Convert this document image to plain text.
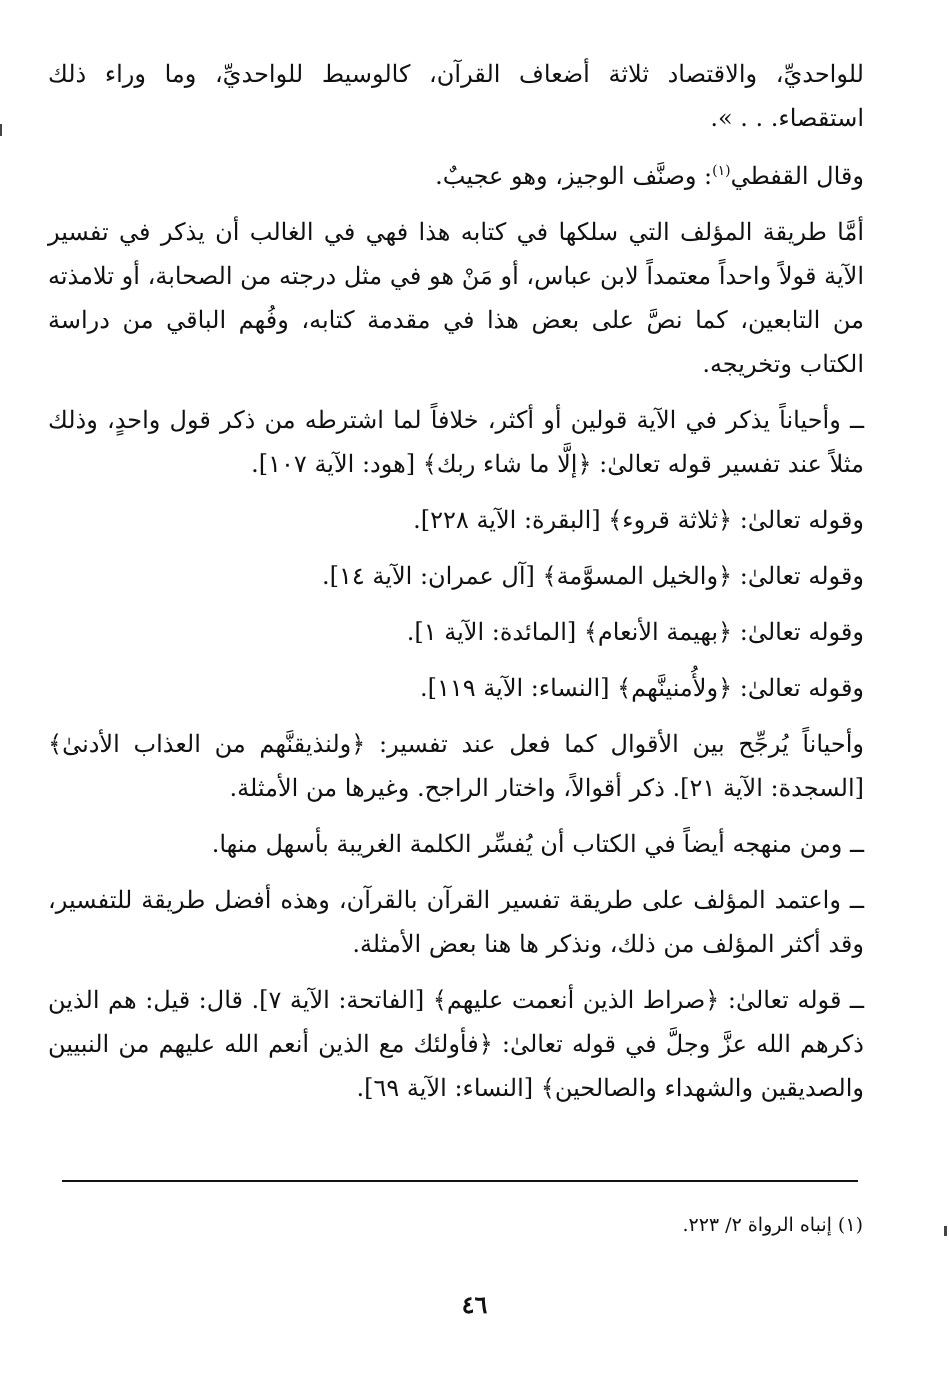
للواحديِّ، والاقتصاد ثلاثة أضعاف القرآن، كالوسيط للواحديِّ، وما وراء ذلك استقصاء. . . ».

وقال القفطي$^{(١)}$: وصنَّف الوجيز، وهو عجيبٌ.

أمَّا طريقة المؤلف التي سلكها في كتابه هذا فهي في الغالب أن يذكر في تفسير الآية قولاً واحداً معتمداً لابن عباس، أو مَنْ هو في مثل درجته من الصحابة، أو تلامذته من التابعين، كما نصَّ على بعض هذا في مقدمة كتابه، وفُهم الباقي من دراسة الكتاب وتخريجه.

ــ وأحياناً يذكر في الآية قولين أو أكثر، خلافاً لما اشترطه من ذكر قول واحدٍ، وذلك مثلاً عند تفسير قوله تعالىٰ: ﴿إلَّا ما شاء ربك﴾ [هود: الآية ١٠٧].

وقوله تعالىٰ: ﴿ثلاثة قروء﴾ [البقرة: الآية ٢٢٨].

وقوله تعالىٰ: ﴿والخيل المسوَّمة﴾ [آل عمران: الآية ١٤].

وقوله تعالىٰ: ﴿بهيمة الأنعام﴾ [المائدة: الآية ١].

وقوله تعالىٰ: ﴿ولأُمنينَّهم﴾ [النساء: الآية ١١٩].

وأحياناً يُرجِّح بين الأقوال كما فعل عند تفسير: ﴿ولنذيقنَّهم من العذاب الأدنىٰ﴾ [السجدة: الآية ٢١]. ذكر أقوالاً، واختار الراجح. وغيرها من الأمثلة.

ــ ومن منهجه أيضاً في الكتاب أن يُفسِّر الكلمة الغريبة بأسهل منها.

ــ واعتمد المؤلف على طريقة تفسير القرآن بالقرآن، وهذه أفضل طريقة للتفسير، وقد أكثر المؤلف من ذلك، ونذكر ها هنا بعض الأمثلة.

ــ قوله تعالىٰ: ﴿صراط الذين أنعمت عليهم﴾ [الفاتحة: الآية ٧]. قال: قيل: هم الذين ذكرهم الله عزَّ وجلَّ في قوله تعالىٰ: ﴿فأولئك مع الذين أنعم الله عليهم من النبيين والصديقين والشهداء والصالحين﴾ [النساء: الآية ٦٩].

(١) إنباه الرواة ٢/ ٢٢٣.
٤٦
